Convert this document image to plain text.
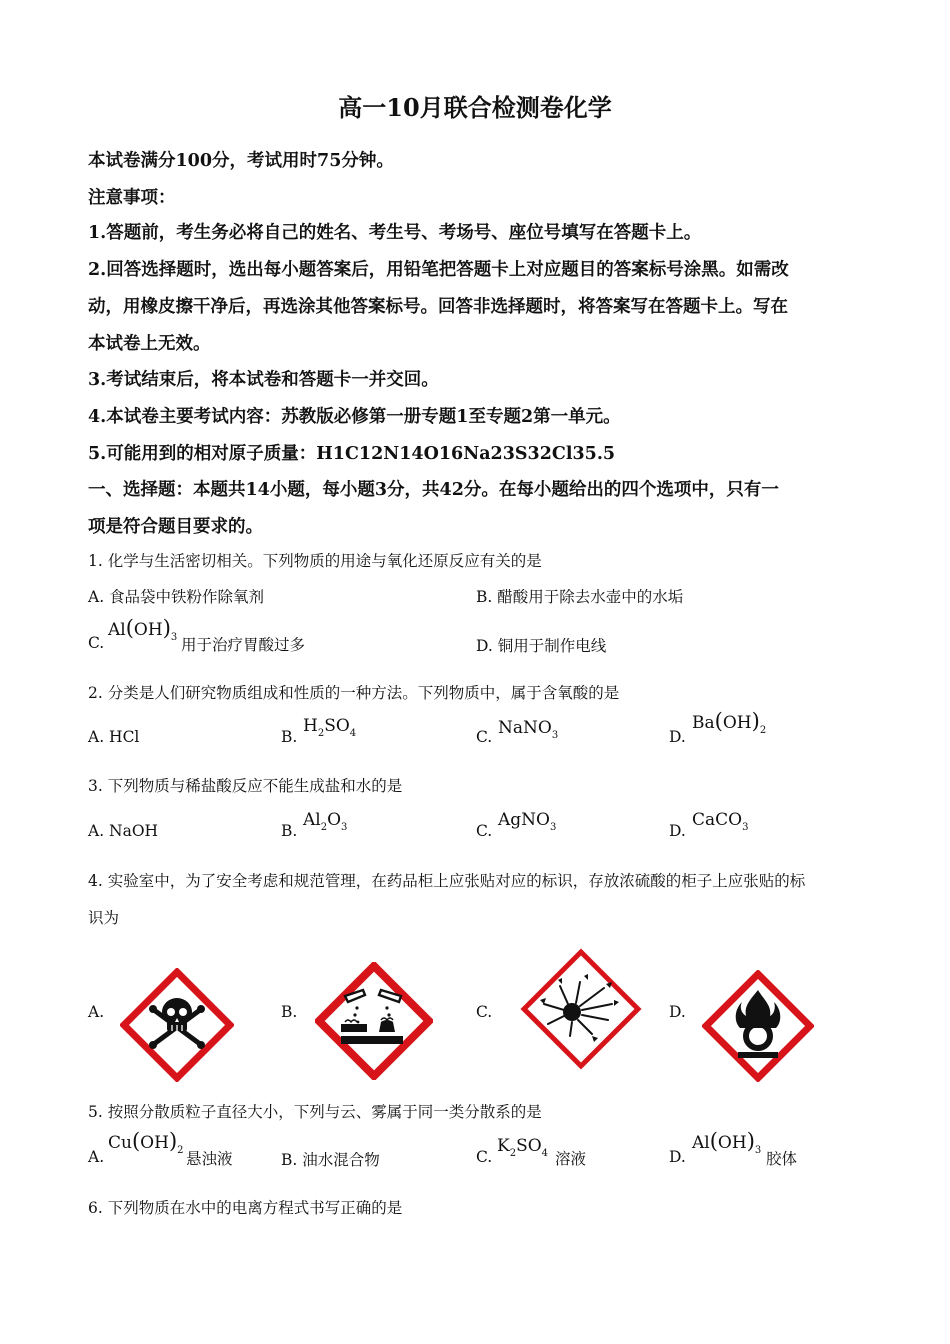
高一10月联合检测卷化学
本试卷满分100分，考试用时75分钟。
注意事项：
1.答题前，考生务必将自己的姓名、考生号、考场号、座位号填写在答题卡上。
2.回答选择题时，选出每小题答案后，用铅笔把答题卡上对应题目的答案标号涂黑。如需改
动，用橡皮擦干净后，再选涂其他答案标号。回答非选择题时，将答案写在答题卡上。写在
本试卷上无效。
3.考试结束后，将本试卷和答题卡一并交回。
4.本试卷主要考试内容：苏教版必修第一册专题1至专题2第一单元。
5.可能用到的相对原子质量：H1C12N14O16Na23S32Cl35.5
一、选择题：本题共14小题，每小题3分，共42分。在每小题给出的四个选项中，只有一
项是符合题目要求的。
1. 化学与生活密切相关。下列物质的用途与氧化还原反应有关的是
A. 食品袋中铁粉作除氧剂	B. 醋酸用于除去水壶中的水垢
C.
$Al(OH)_3$ 用于治疗胃酸过多	D. 铜用于制作电线
2. 分类是人们研究物质组成和性质的一种方法。下列物质中，属于含氧酸的是
A. HCl	B.
$H_2SO_4$	C. NaNO$_3$	D.
$Ba(OH)_2$
3. 下列物质与稀盐酸反应不能生成盐和水的是
A. NaOH	B.
$Al_2O_3$	C.
AgNO$_3$	D.
CaCO$_3$
4. 实验室中，为了安全考虑和规范管理，在药品柜上应张贴对应的标识，存放浓硫酸的柜子上应张贴的标
识为
A.	B.	C.	D.
5. 按照分散质粒子直径大小，下列与云、雾属于同一类分散系的是
A.
$Cu(OH)_2$ 悬浊液	B. 油水混合物	C.
$K_2SO_4$ 溶液	D.
$Al(OH)_3$ 胶体
6. 下列物质在水中的电离方程式书写正确的是
